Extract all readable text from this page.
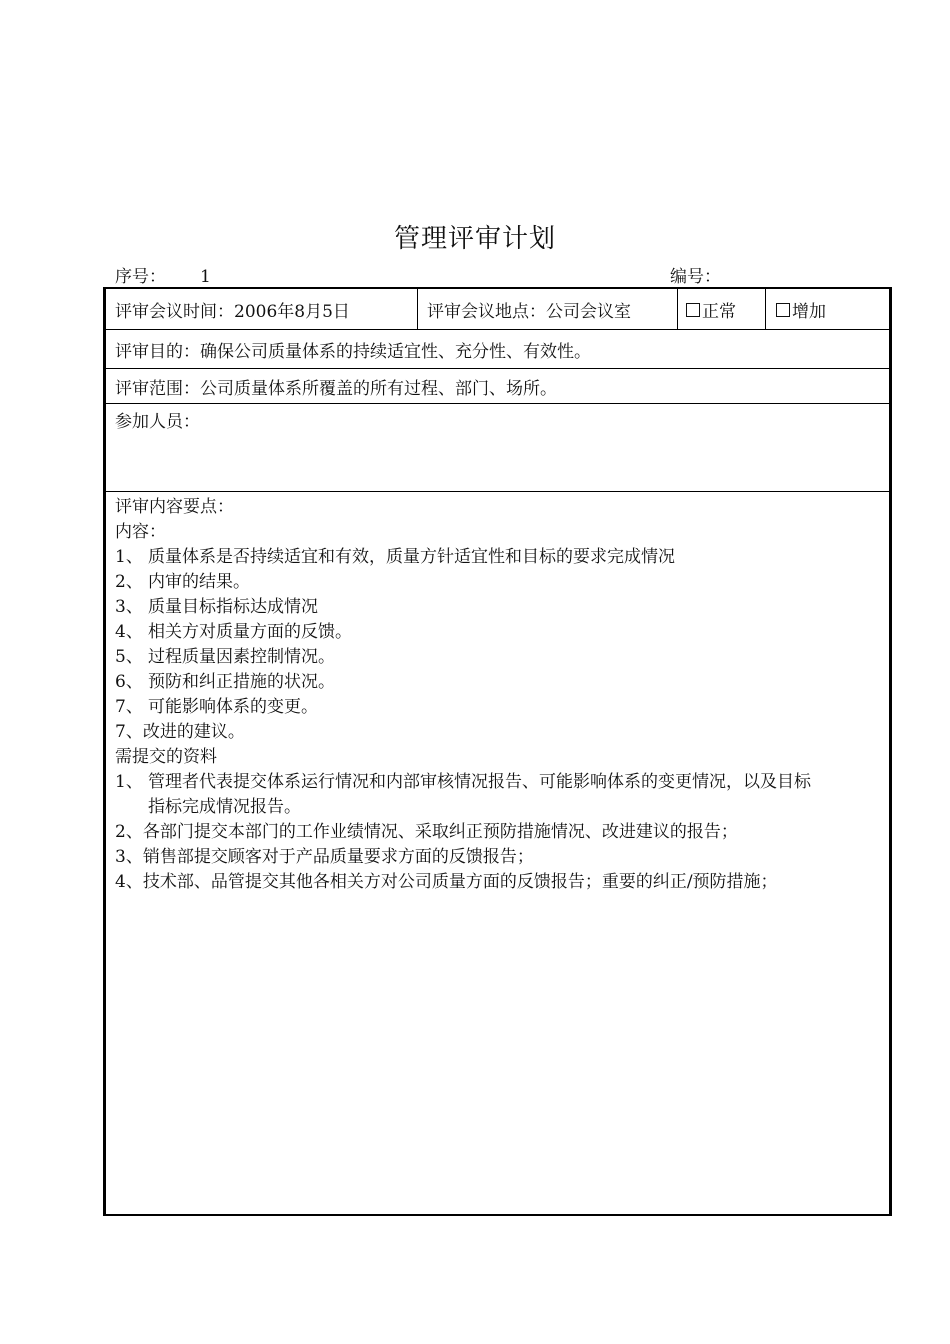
管理评审计划
序号： 1	编号：
评审会议时间：2006年8月5日	评审会议地点：公司会议室	正常	增加
评审目的：确保公司质量体系的持续适宜性、充分性、有效性。
评审范围：公司质量体系所覆盖的所有过程、部门、场所。
参加人员：
评审内容要点：
内容：
1、 质量体系是否持续适宜和有效，质量方针适宜性和目标的要求完成情况
2、 内审的结果。
3、 质量目标指标达成情况
4、 相关方对质量方面的反馈。
5、 过程质量因素控制情况。
6、 预防和纠正措施的状况。
7、 可能影响体系的变更。
7、改进的建议。
需提交的资料
1、 管理者代表提交体系运行情况和内部审核情况报告、可能影响体系的变更情况，以及目标
指标完成情况报告。
2、各部门提交本部门的工作业绩情况、采取纠正预防措施情况、改进建议的报告；
3、销售部提交顾客对于产品质量要求方面的反馈报告；
4、技术部、品管提交其他各相关方对公司质量方面的反馈报告；重要的纠正/预防措施；
